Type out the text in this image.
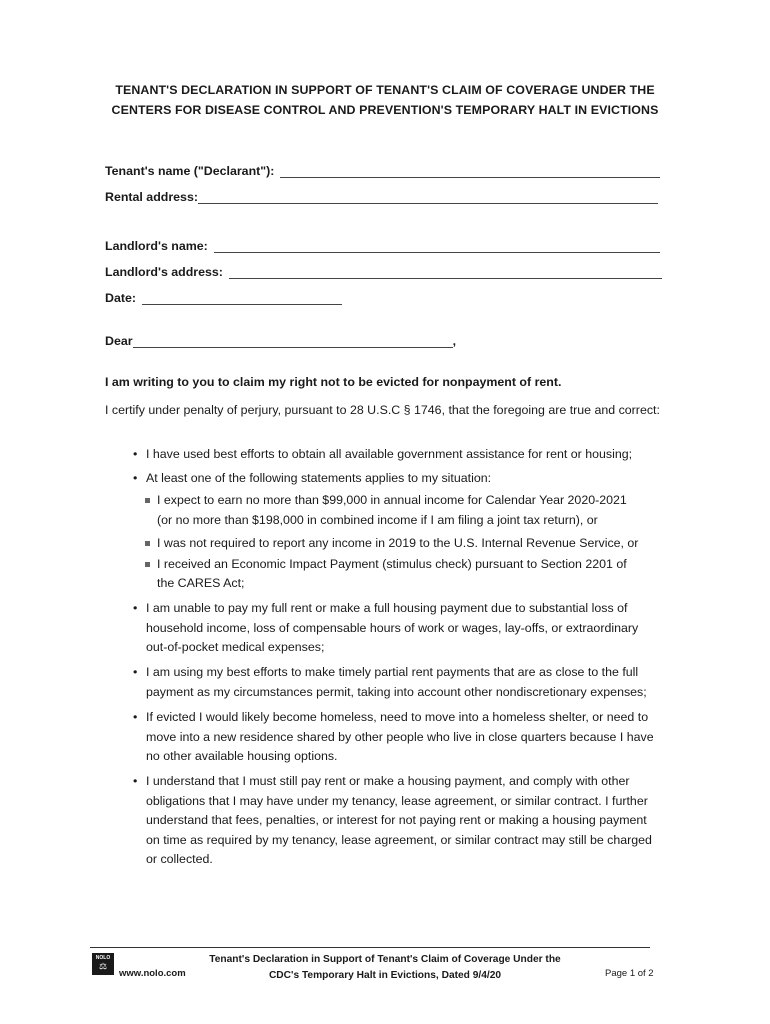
TENANT'S DECLARATION IN SUPPORT OF TENANT'S CLAIM OF COVERAGE UNDER THE
CENTERS FOR DISEASE CONTROL AND PREVENTION'S TEMPORARY HALT IN EVICTIONS
Tenant's name ("Declarant"):
Rental address:
Landlord's name:
Landlord's address:
Date:
Dear	,
I am writing to you to claim my right not to be evicted for nonpayment of rent.
I certify under penalty of perjury, pursuant to 28 U.S.C § 1746, that the foregoing are true and correct:
• I have used best efforts to obtain all available government assistance for rent or housing;
• At least one of the following statements applies to my situation:
I expect to earn no more than $99,000 in annual income for Calendar Year 2020-2021
(or no more than $198,000 in combined income if I am filing a joint tax return), or
I was not required to report any income in 2019 to the U.S. Internal Revenue Service, or
I received an Economic Impact Payment (stimulus check) pursuant to Section 2201 of
the CARES Act;
• I am unable to pay my full rent or make a full housing payment due to substantial loss of
household income, loss of compensable hours of work or wages, lay-offs, or extraordinary
out-of-pocket medical expenses;
• I am using my best efforts to make timely partial rent payments that are as close to the full
payment as my circumstances permit, taking into account other nondiscretionary expenses;
• If evicted I would likely become homeless, need to move into a homeless shelter, or need to
move into a new residence shared by other people who live in close quarters because I have
no other available housing options.
• I understand that I must still pay rent or make a housing payment, and comply with other
obligations that I may have under my tenancy, lease agreement, or similar contract. I further
understand that fees, penalties, or interest for not paying rent or making a housing payment
on time as required by my tenancy, lease agreement, or similar contract may still be charged
or collected.
NOLO
⚖
www.nolo.com
Tenant's Declaration in Support of Tenant's Claim of Coverage Under the
CDC's Temporary Halt in Evictions, Dated 9/4/20	Page 1 of 2
